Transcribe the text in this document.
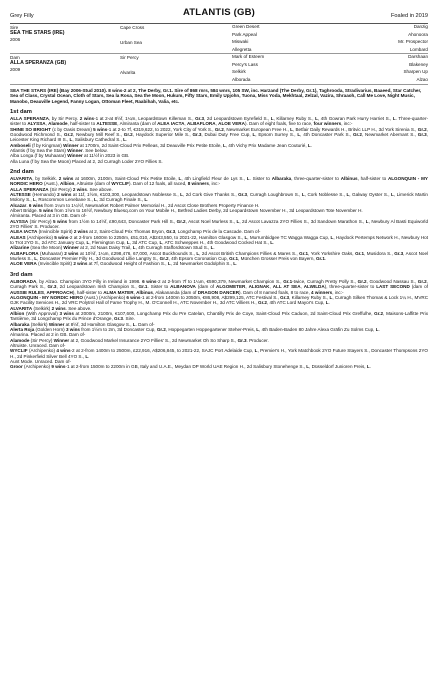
Grey Filly	ATLANTIS (GB)	Foaled in 2019
Sire
SEA THE STARS (IRE)
2006
Dam
ALLA SPERANZA (GB)
2009
Cape Cross
Urban Sea
Sir Percy
Alvarita
Green Desert	Danzig
Park Appeal	Ahonoora
Miswaki	Mr. Prospector
Allegretta	Lombard
Mark of Esteem	Darshaan
Percy's Lass	Blakeney
Selkirk	Sharpen Up
Alborada	Alzao

SEA THE STARS (IRE) (Bay 2006-Stud 2010). 8 wins-2 at 2, The Derby, Gr.1. Sire of 868 rnrs, 584 wnrs, 105 SW, inc. Harzand (The Derby, Gr.1), Taghrooda, Stradivarius, Baaeed, Star Catcher, Sea of Class, Crystal Ocean, Cloth of Stars, Sea la Rosa, Sea the Moon, Hukum, Fifty Stars, Emily Upjohn, Tuona, Miss Yoda, Mekhtaal, Zelzal, Vazira, Shraaoh, Call Me Love, Night Music, Manobo, Deauville Legend, Fanny Logan, Ottoman Fleet, Raabihah, Valia, etc.

1st dam

ALLA SPERANZA, by Sir Percy. 2 wins-1 at 2-at 8½f, 1¼m, Leopardstown Killeman S., Gr.3, 2d Leopardstown Eyrefield S., L, Killarney Ruby S., L, 4th Gowran Park Hurry Harriet S., L. Three-quarter-sister to ALYSSA, Alamode, half-sister to ALTESSE, Almiranta (dam of ALEA IACTA, ALBAFLORA, ALOE VERA). Dam of eight foals, five to race, four winners, inc:-

SHINE SO BRIGHT (c by Oasis Dream) 5 wins-1 at 2-to 7f, €319,622, to 2022, York City of York S., Gr.2, Newmarket European Free H., L, Betfair Daily Rewards H., Britvic LLP H., 3d York Sirenia S., Gr.2, Goodwood Richmond S., Gr.2, Newbury Mill Reef S., Gr.2, Haydock Superior Mile S., Gr.3, Dubai Duty Free Cup, L, Epsom Surrey S., L, 4th Doncaster Park S., Gr.2, Newmarket Abernant S., Gr.3, Leicester King Richard III S., L, Salisbury Cathedral S., L.

Amboseli (f by Kingman) Winner at 1700m, 2d Saint-Cloud Prix Pelleas, 3d Deauville Prix Petite Etoile, L, 4th Vichy Prix Madame Jean Couturié, L.

Atlantis (f by Sea the Stars) Winner. See below.

Alba Longa (f by Muhaarar) Winner at 11½f in 2023 in GB.

Alla Luna (f by Sea the Moon) Placed at 2, 2d Curragh Loder 2YO Fillies S.

2nd dam

ALVARITA, by Selkirk. 2 wins at 1600m, 2100m, Saint-Cloud Prix Petite Etoile, L, 4th Lingfield Fleur de Lys S., L. Sister to Albaraka, three-quarter-sister to Albinus, half-sister to ALGONQUIN - MY NORDIC HERO (Aust.), Albion, Altruiste (dam of WYCLIF). Dam of 12 foals, all raced, 8 winners, inc:-

ALLA SPERANZA (Sir Percy) 2 wins. See above.

ALTESSE (Hernando) 2 wins at 11f, 1½m, €103,300, Leopardstown Noblesse S., L, 2d Cork Give Thanks S., Gr.3, Curragh Loughbrown S., L, Cork Noblesse S., L, Galway Oyster S., L, Limerick Martin Molony S., L, Roscommon Lenebane S., L, 3d Curragh Finale S., L.

Alcazar. 6 wins from 1¼m to 1¼½f, Newmarket Robert Palmer Memorial H., 2d Ascot Close Brothers Property Finance H.

Albert Bridge. 5 wins from 1½m to 16½f, Newbury Bluesq.com on Your Mobile H., Betfred Ladies Derby, 2d Leopardstown November H., 3d Leopardstown Tote November H.

Almiranta. Placed at 3 in GB. Dam of-

ALYSSA (Sir Percy) 5 wins from 1½m to 14½f, £90,643, Doncaster Park Hill S., Gr.2, Ascot Noel Murless S., L, 2d Ascot Lavazza 2YO Fillies S., 3d Sandown Marathon S., L, Newbury Al Basti Equiworld 2YO Fillies' S. Producer.

ALEA IACTA (Invincible Spirit) 2 wins at 2, Saint-Cloud Prix Thomas Bryon, Gr.3, Longchamp Prix de la Cascade. Dam of-

ALEAS (Archipenko) 5 wins-2 at 2-from 1600m to 2250m, £51,010, A$243,550, to 2021-22, Hamilton Glasgow S., L, Murrumbidgee TC Wagga Wagga Cup, L, Haydock Pertemps Network H., Newbury Hot to Trot 2YO S., 2d ATC January Cup, L, Flemington Cup, L, 3d ATC Cup, L, ATC Schweppes H., 4th Goodwood Cocked Hat S., L.

Alizarine (Sea the Moon) Winner at 2, 2d Naas Daisy Trail, L, 4th Curragh Staffordstown Stud S., L.

ALBAFLORA (Muhaarar) 2 wins at 10½f, 1¼m, £298,476, 67,000, Ascot Buckhounds S., L, 2d Ascot British Champions Fillies & Mares S., Gr.1, York Yorkshire Oaks, Gr.1, Musidora S., Gr.3, Ascot Noel Murless S., L, Doncaster Premier Filly H., 3d Goodwood Lillie Langtry S., Gr.2, 4th Epsom Coronation Cup, Gr.1, München Grosser Preis von Bayern, Gr.1.

ALOE VERA (Invincible Spirit) 2 wins at 7f, Goodwood Height of Fashion S., L, 2d Newmarket Godolphin S., L.

3rd dam

ALBORADA, by Alzao. Champion 3YO Filly in Ireland in 1998. 6 wins-2 at 2-from 7f to 1¼m, €590,379, Newmarket Champion S., Gr.1-twice, Curragh Pretty Polly S., Gr.2, Goodwood Nassau S., Gr.2, Curragh Park S., Gr.3, 2d Leopardstown Irish Champion S., Gr.1. Sister to ALBANOVA (dam of ALGOMETER, ALIGNAK, ALL AT SEA, ALWILDA), three-quarter-sister to LAST SECOND (dam of AUSSIE RULES, APPROACH), half-sister to ALMA MATER, Albinus, Alakananda (dam of DRAGON DANCER). Dam of 8 named foals, 8 to race, 4 winners, inc:-

ALGONQUIN - MY NORDIC HERO (Aust.) (Archipenko) 6 wins-1 at 2-from 1400m to 2050m, €86,908, A$299,125, ATC Festival S., Gr.3, Killarney Ruby S., L, Curragh Silken Thomas & Lock 1¼ H., MVRC GJK Facility Services H., 2d VRC Polytrol Hall of Fame Trophy H., M. O'Connell H., ATC November H., 3d ATC Villiers H., Gr.2, 4th ATC Lord Mayor's Cup, L.

ALVARITA (Selkirk) 2 wins. See above.

Albion (With Approval) 3 wins at 2000m, 2100m, €107,600, Longchamp Prix du Pre Catelan, Chantilly Prix de Coye, Saint-Cloud Prix Caduon, 2d Saint-Cloud Prix Greffulhe, Gr.2, Maisons-Laffitte Prix Tantième, 3d Longchamp Prix du Prince d'Orange, Gr.3. Sire.

Albaraka (Selkirk) Winner at 8½f, 3d Hamilton Glasgow S., L. Dam of-

Alerta Roja (Golden Horn) 3 wins from 1½m to 2m, 3d Doncaster Cup, Gr.2, Hoppegarten Hoppegartener Steher-Preis, L, 4th Baden-Baden 80 Jahre Alexa Gräfin Zu Solms Cup, L.

Almarina. Placed at 2 in GB. Dam of-

Alamode (Sir Percy) Winner at 2, Goodwood Markel Insurance 2YO Fillies' S., 2d Newmarket Oh So Sharp S., Gr.3. Producer.

Altruiste. Unraced. Dam of-

WYCLIF (Archipenko) 4 wins-2 at 2-from 1400m to 2500m, £22,916, A$206,845, to 2021-22, SAJC Port Adelaide Cup, L, Premier's H., York Matchbook 2YO Future Stayers S., Doncaster Thompsons 2YO H., 2d Pinkerfield Silver Bell 4YO S., L.

Aunt Mode. Unraced. Dam of-

Groor (Archipenko) 9 wins-1 at 2-from 1500m to 2200m in GB, Italy and U.A.E., Meydan DP World UAE Region H., 2d Salisbury Stonehenge S., L, Düsseldorf Junioren Preis, L.
